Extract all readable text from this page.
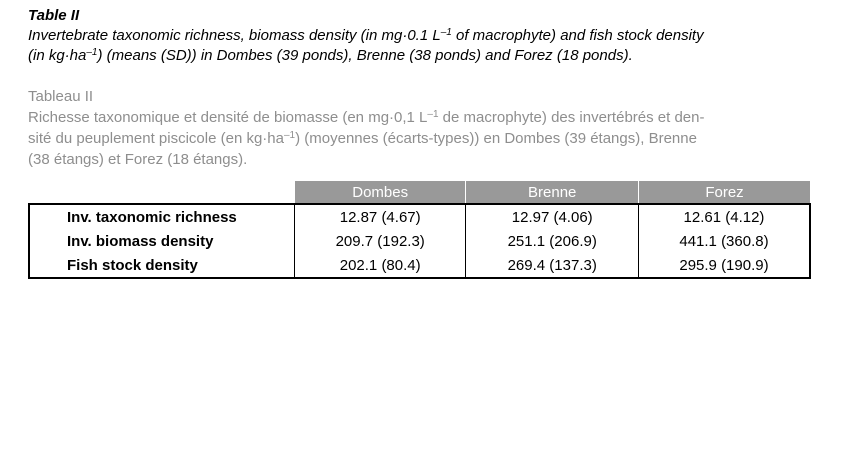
Table II
Invertebrate taxonomic richness, biomass density (in mg·0.1 $L^{-1}$ of macrophyte) and fish stock density
(in $kg\cdot ha^{-1}$) (means (SD)) in Dombes (39 ponds), Brenne (38 ponds) and Forez (18 ponds).
Tableau II
Richesse taxonomique et densité de biomasse (en mg·0,1 $L^{-1}$ de macrophyte) des invertébrés et den-
sité du peuplement piscicole (en $kg\cdot ha^{-1}$) (moyennes (écarts-types)) en Dombes (39 étangs), Brenne
(38 étangs) et Forez (18 étangs).
	Dombes	Brenne	Forez
Inv. taxonomic richness	12.87 (4.67)	12.97 (4.06)	12.61 (4.12)
Inv. biomass density	209.7 (192.3)	251.1 (206.9)	441.1 (360.8)
Fish stock density	202.1 (80.4)	269.4 (137.3)	295.9 (190.9)
